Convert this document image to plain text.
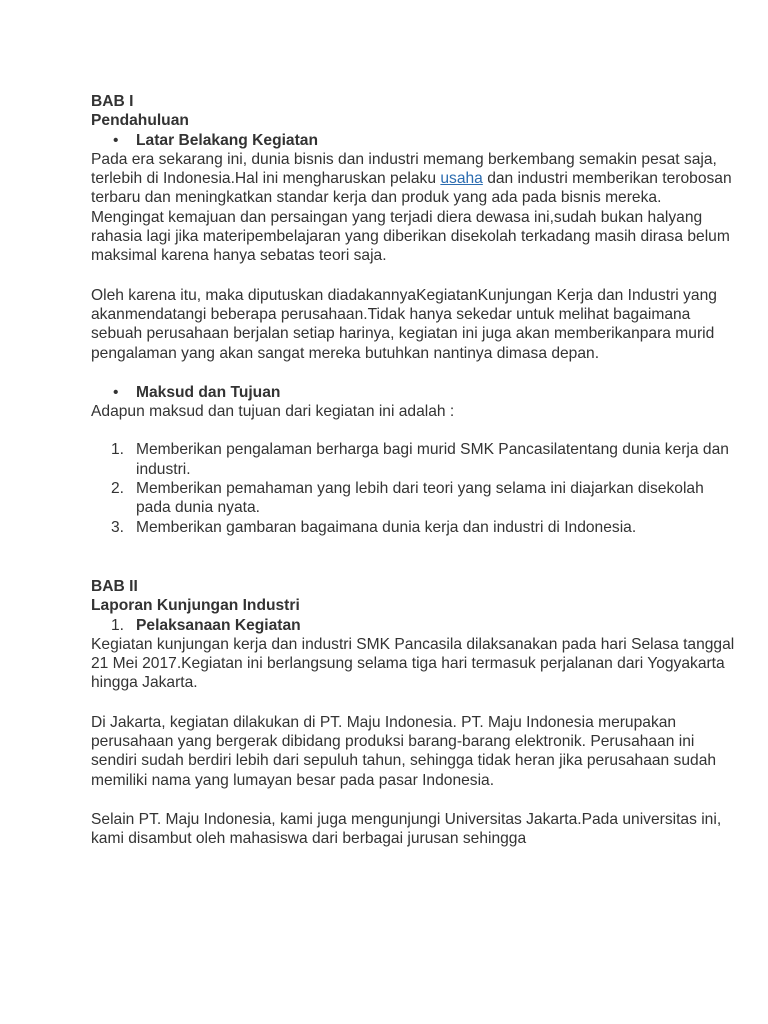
BAB I
Pendahuluan
• Latar Belakang Kegiatan

Pada era sekarang ini, dunia bisnis dan industri memang berkembang semakin pesat saja, terlebih di Indonesia.Hal ini mengharuskan pelaku usaha dan industri memberikan terobosan terbaru dan meningkatkan standar kerja dan produk yang ada pada bisnis mereka.

Mengingat kemajuan dan persaingan yang terjadi diera dewasa ini,sudah bukan halyang rahasia lagi jika materipembelajaran yang diberikan disekolah terkadang masih dirasa belum maksimal karena hanya sebatas teori saja.

Oleh karena itu, maka diputuskan diadakannyaKegiatanKunjungan Kerja dan Industri yang akanmendatangi beberapa perusahaan.Tidak hanya sekedar untuk melihat bagaimana sebuah perusahaan berjalan setiap harinya, kegiatan ini juga akan memberikanpara murid pengalaman yang akan sangat mereka butuhkan nantinya dimasa depan.

• Maksud dan Tujuan

Adapun maksud dan tujuan dari kegiatan ini adalah :

1. Memberikan pengalaman berharga bagi murid SMK Pancasilatentang dunia kerja dan industri.
2. Memberikan pemahaman yang lebih dari teori yang selama ini diajarkan disekolah pada dunia nyata.
3. Memberikan gambaran bagaimana dunia kerja dan industri di Indonesia.
BAB II
Laporan Kunjungan Industri
1. Pelaksanaan Kegiatan

Kegiatan kunjungan kerja dan industri SMK Pancasila dilaksanakan pada hari Selasa tanggal 21 Mei 2017.Kegiatan ini berlangsung selama tiga hari termasuk perjalanan dari Yogyakarta hingga Jakarta.

Di Jakarta, kegiatan dilakukan di PT. Maju Indonesia. PT. Maju Indonesia merupakan perusahaan yang bergerak dibidang produksi barang-barang elektronik. Perusahaan ini sendiri sudah berdiri lebih dari sepuluh tahun, sehingga tidak heran jika perusahaan sudah memiliki nama yang lumayan besar pada pasar Indonesia.

Selain PT. Maju Indonesia, kami juga mengunjungi Universitas Jakarta.Pada universitas ini, kami disambut oleh mahasiswa dari berbagai jurusan sehingga
